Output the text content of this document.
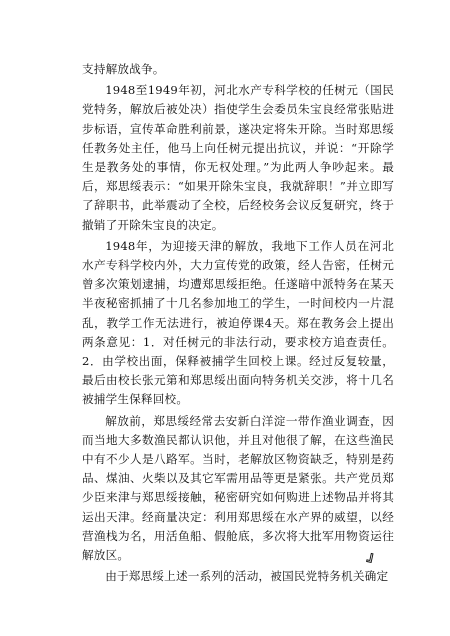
支持解放战争。

1948至1949年初，河北水产专科学校的任树元（国民党特务，解放后被处决）指使学生会委员朱宝良经常张贴进步标语，宣传革命胜利前景，遂决定将朱开除。当时郑思绥任教务处主任，他马上向任树元提出抗议，并说：“开除学生是教务处的事情，你无权处理。”为此两人争吵起来。最后，郑思绥表示：“如果开除朱宝良，我就辞职！”并立即写了辞职书，此举震动了全校，后经校务会议反复研究，终于撤销了开除朱宝良的决定。

1948年，为迎接天津的解放，我地下工作人员在河北水产专科学校内外，大力宣传党的政策，经人告密，任树元曾多次策划逮捕，均遭郑思绥拒绝。任遂暗中派特务在某天半夜秘密抓捕了十几名参加地工的学生，一时间校内一片混乱，教学工作无法进行，被迫停课4天。郑在教务会上提出两条意见：1．对任树元的非法行动，要求校方追查责任。2．由学校出面，保释被捕学生回校上课。经过反复较量，最后由校长张元第和郑思绥出面向特务机关交涉，将十几名被捕学生保释回校。

解放前，郑思绥经常去安新白洋淀一带作渔业调查，因而当地大多数渔民都认识他，并且对他很了解，在这些渔民中有不少人是八路军。当时，老解放区物资缺乏，特别是药品、煤油、火柴以及其它军需用品等更是紧张。共产党员郑少臣来津与郑思绥接触，秘密研究如何购进上述物品并将其运出天津。经商量决定：利用郑思绥在水产界的威望，以经营渔栈为名，用活鱼船、假舱底，多次将大批军用物资运往解放区。

由于郑思绥上述一系列的活动，被国民党特务机关确定

』
